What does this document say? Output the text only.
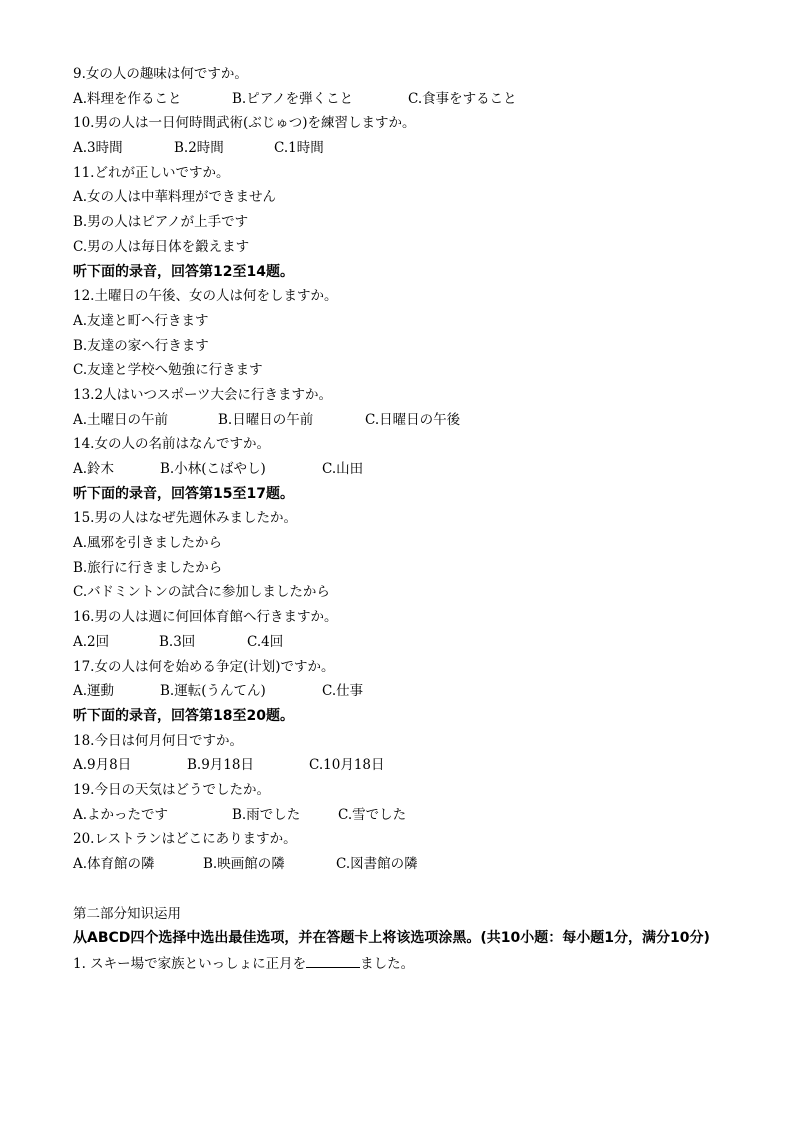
9.女の人の趣味は何ですか。
A.料理を作ること	B.ピアノを弾くこと	C.食事をすること
10.男の人は一日何時間武術(ぶじゅつ)を練習しますか。
A.3時間	B.2時間	C.1時間
11.どれが正しいですか。
A.女の人は中華料理ができません
B.男の人はピアノが上手です
C.男の人は毎日体を鍛えます
听下面的录音，回答第12至14题。
12.土曜日の午後、女の人は何をしますか。
A.友達と町へ行きます
B.友達の家へ行きます
C.友達と学校へ勉強に行きます
13.2人はいつスポーツ大会に行きますか。
A.土曜日の午前	B.日曜日の午前	C.日曜日の午後
14.女の人の名前はなんですか。
A.鈴木	B.小林(こばやし)	C.山田
听下面的录音，回答第15至17题。
15.男の人はなぜ先週休みましたか。
A.風邪を引きましたから
B.旅行に行きましたから
C.バドミントンの試合に参加しましたから
16.男の人は週に何回体育館へ行きますか。
A.2回	B.3回	C.4回
17.女の人は何を始める争定(计划)ですか。
A.運動	B.運転(うんてん)	C.仕事
听下面的录音，回答第18至20题。
18.今日は何月何日ですか。
A.9月8日	B.9月18日	C.10月18日
19.今日の天気はどうでしたか。
A.よかったです	B.雨でした	C.雪でした
20.レストランはどこにありますか。
A.体育館の隣	B.映画館の隣	C.図書館の隣
第二部分知识运用
从ABCD四个选择中选出最佳选项，并在答题卡上将该选项涂黑。(共10小题：每小题1分，满分10分)
1. スキー場で家族といっしょに正月を	ました。
